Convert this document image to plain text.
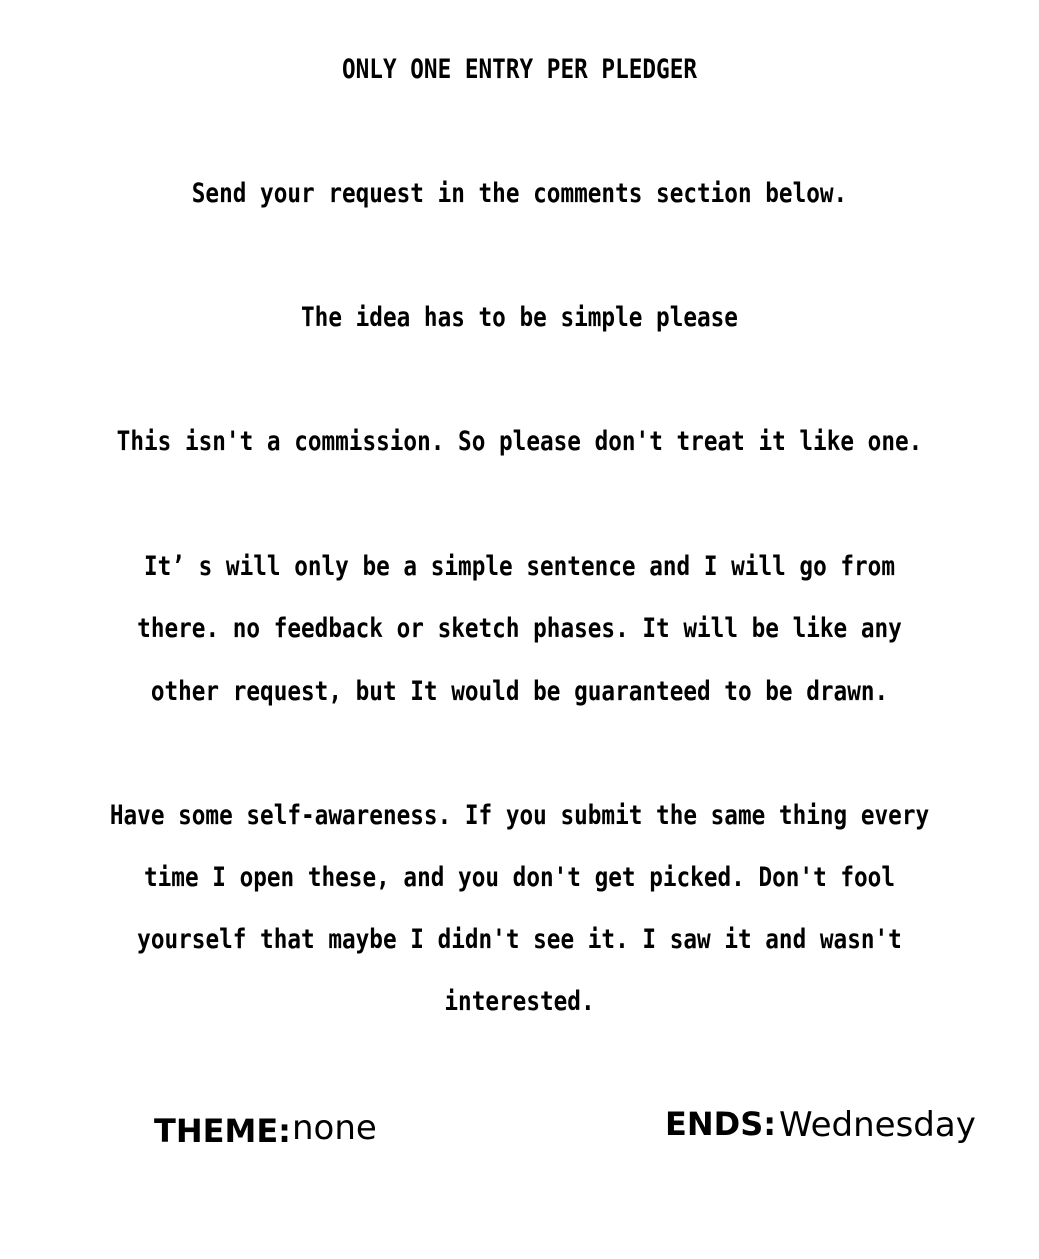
ONLY ONE ENTRY PER PLEDGER
Send your request in the comments section below.
The idea has to be simple please
This isn't a commission. So please don't treat it like one.
It’ s will only be a simple sentence and I will go from
there. no feedback or sketch phases. It will be like any
other request, but It would be guaranteed to be drawn.
Have some self-awareness. If you submit the same thing every
time I open these, and you don't get picked. Don't fool
yourself that maybe I didn't see it. I saw it and wasn't
interested.
THEME: none	ENDS: Wednesday
